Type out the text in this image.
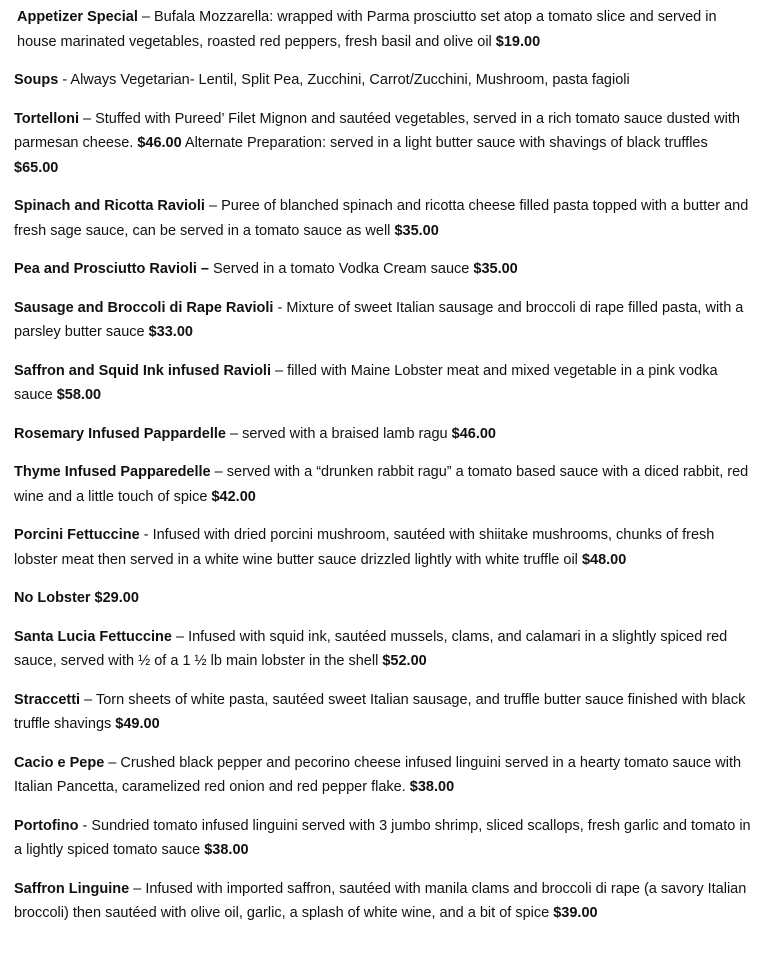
Appetizer Special – Bufala Mozzarella: wrapped with Parma prosciutto set atop a tomato slice and served in house marinated vegetables, roasted red peppers, fresh basil and olive oil $19.00

Soups - Always Vegetarian- Lentil, Split Pea, Zucchini, Carrot/Zucchini, Mushroom, pasta fagioli

Tortelloni – Stuffed with Pureed’ Filet Mignon and sautéed vegetables, served in a rich tomato sauce dusted with parmesan cheese. $46.00 Alternate Preparation: served in a light butter sauce with shavings of black truffles $65.00

Spinach and Ricotta Ravioli – Puree of blanched spinach and ricotta cheese filled pasta topped with a butter and fresh sage sauce, can be served in a tomato sauce as well $35.00

Pea and Prosciutto Ravioli – Served in a tomato Vodka Cream sauce $35.00

Sausage and Broccoli di Rape Ravioli - Mixture of sweet Italian sausage and broccoli di rape filled pasta, with a parsley butter sauce $33.00

Saffron and Squid Ink infused Ravioli – filled with Maine Lobster meat and mixed vegetable in a pink vodka sauce $58.00

Rosemary Infused Pappardelle – served with a braised lamb ragu $46.00

Thyme Infused Papparedelle – served with a “drunken rabbit ragu” a tomato based sauce with a diced rabbit, red wine and a little touch of spice $42.00

Porcini Fettuccine - Infused with dried porcini mushroom, sautéed with shiitake mushrooms, chunks of fresh lobster meat then served in a white wine butter sauce drizzled lightly with white truffle oil $48.00

No Lobster $29.00

Santa Lucia Fettuccine – Infused with squid ink, sautéed mussels, clams, and calamari in a slightly spiced red sauce, served with ½ of a 1 ½ lb main lobster in the shell $52.00

Straccetti – Torn sheets of white pasta, sautéed sweet Italian sausage, and truffle butter sauce finished with black truffle shavings $49.00

Cacio e Pepe – Crushed black pepper and pecorino cheese infused linguini served in a hearty tomato sauce with Italian Pancetta, caramelized red onion and red pepper flake. $38.00

Portofino - Sundried tomato infused linguini served with 3 jumbo shrimp, sliced scallops, fresh garlic and tomato in a lightly spiced tomato sauce $38.00

Saffron Linguine – Infused with imported saffron, sautéed with manila clams and broccoli di rape (a savory Italian broccoli) then sautéed with olive oil, garlic, a splash of white wine, and a bit of spice $39.00
